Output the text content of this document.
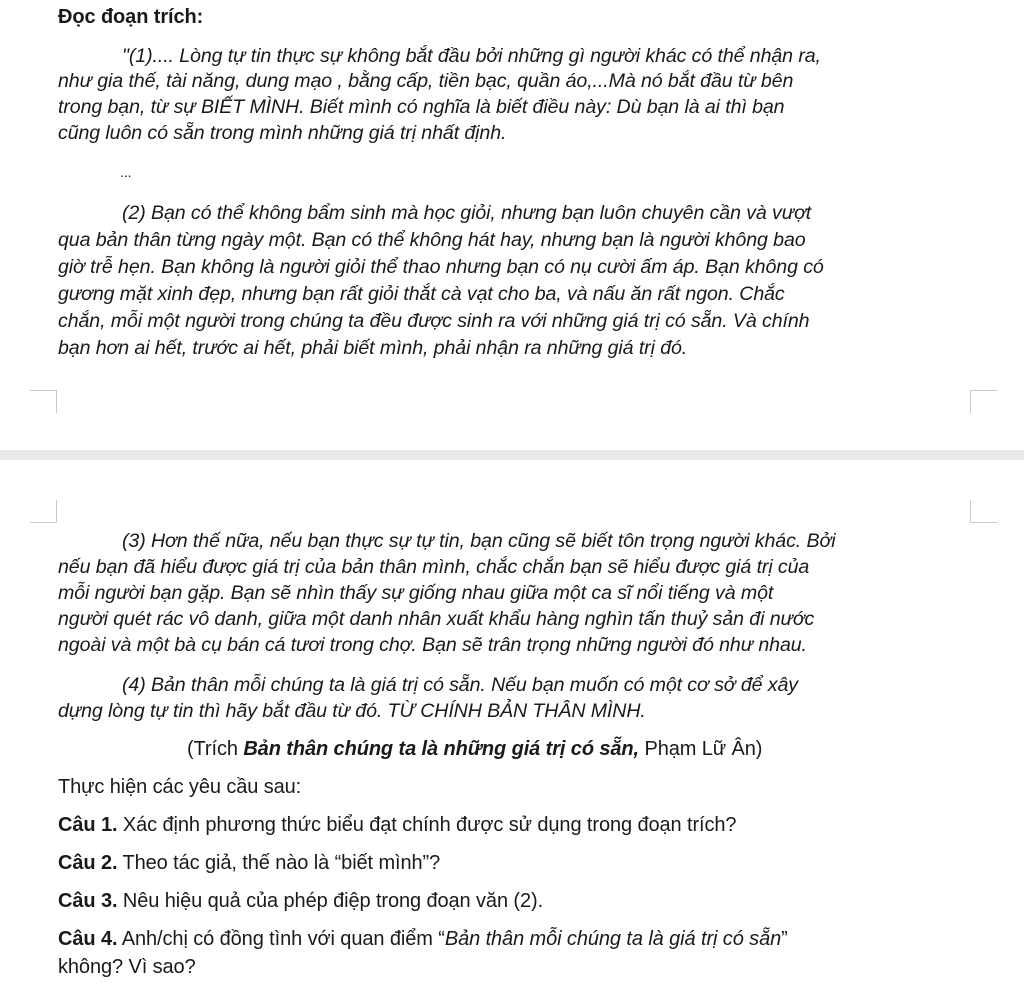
Đọc đoạn trích:
"(1).... Lòng tự tin thực sự không bắt đầu bởi những gì người khác có thể nhận ra,
như gia thế, tài năng, dung mạo , bằng cấp, tiền bạc, quần áo,...Mà nó bắt đầu từ bên
trong bạn, từ sự BIẾT MÌNH. Biết mình có nghĩa là biết điều này: Dù bạn là ai thì bạn
cũng luôn có sẵn trong mình những giá trị nhất định.
...
(2) Bạn có thể không bẩm sinh mà học giỏi, nhưng bạn luôn chuyên cần và vượt
qua bản thân từng ngày một. Bạn có thể không hát hay, nhưng bạn là người không bao
giờ trễ hẹn. Bạn không là người giỏi thể thao nhưng bạn có nụ cười ấm áp. Bạn không có
gương mặt xinh đẹp, nhưng bạn rất giỏi thắt cà vạt cho ba, và nấu ăn rất ngon. Chắc
chắn, mỗi một người trong chúng ta đều được sinh ra với những giá trị có sẵn. Và chính
bạn hơn ai hết, trước ai hết, phải biết mình, phải nhận ra những giá trị đó.
(3) Hơn thế nữa, nếu bạn thực sự tự tin, bạn cũng sẽ biết tôn trọng người khác. Bởi
nếu bạn đã hiểu được giá trị của bản thân mình, chắc chắn bạn sẽ hiểu được giá trị của
mỗi người bạn gặp. Bạn sẽ nhìn thấy sự giống nhau giữa một ca sĩ nổi tiếng và một
người quét rác vô danh, giữa một danh nhân xuất khẩu hàng nghìn tấn thuỷ sản đi nước
ngoài và một bà cụ bán cá tươi trong chợ. Bạn sẽ trân trọng những người đó như nhau.
(4) Bản thân mỗi chúng ta là giá trị có sẵn. Nếu bạn muốn có một cơ sở để xây
dựng lòng tự tin thì hãy bắt đầu từ đó. TỪ CHÍNH BẢN THÂN MÌNH.
(Trích Bản thân chúng ta là những giá trị có sẵn, Phạm Lữ Ân)
Thực hiện các yêu cầu sau:
Câu 1. Xác định phương thức biểu đạt chính được sử dụng trong đoạn trích?
Câu 2. Theo tác giả, thế nào là “biết mình”?
Câu 3. Nêu hiệu quả của phép điệp trong đoạn văn (2).
Câu 4. Anh/chị có đồng tình với quan điểm “Bản thân mỗi chúng ta là giá trị có sẵn”
không? Vì sao?
